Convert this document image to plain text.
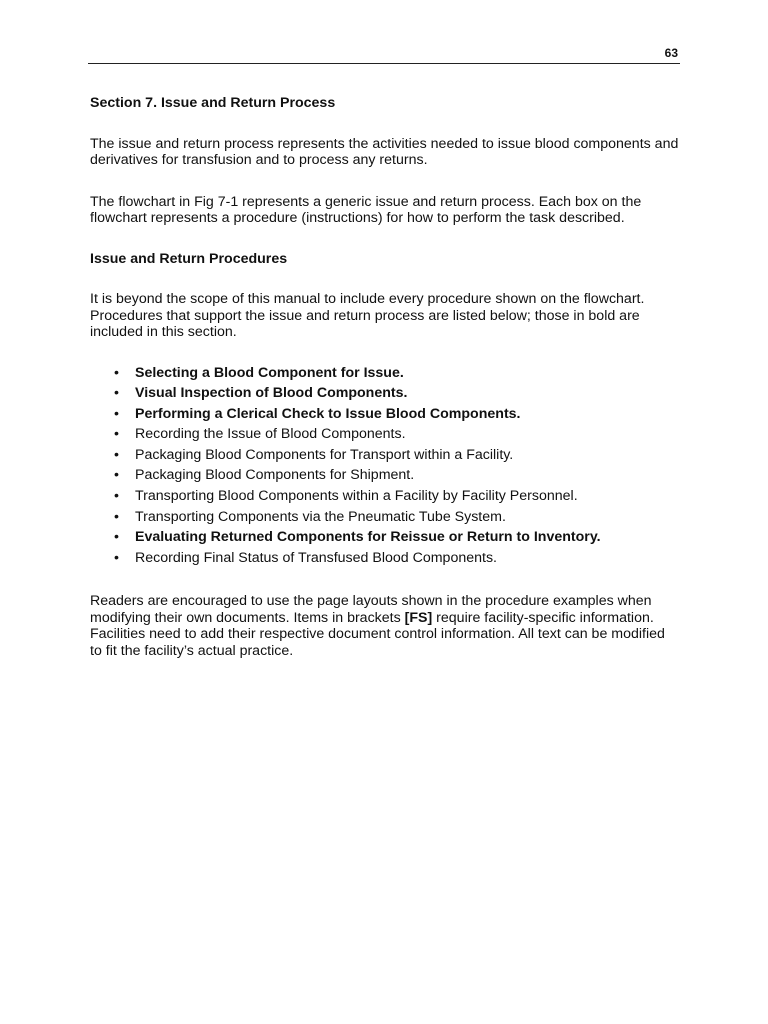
63
Section 7. Issue and Return Process

The issue and return process represents the activities needed to issue blood components and derivatives for transfusion and to process any returns.

The flowchart in Fig 7-1 represents a generic issue and return process. Each box on the flowchart represents a procedure (instructions) for how to perform the task described.

Issue and Return Procedures

It is beyond the scope of this manual to include every procedure shown on the flowchart. Procedures that support the issue and return process are listed below; those in bold are included in this section.

• Selecting a Blood Component for Issue.
• Visual Inspection of Blood Components.
• Performing a Clerical Check to Issue Blood Components.
• Recording the Issue of Blood Components.
• Packaging Blood Components for Transport within a Facility.
• Packaging Blood Components for Shipment.
• Transporting Blood Components within a Facility by Facility Personnel.
• Transporting Components via the Pneumatic Tube System.
• Evaluating Returned Components for Reissue or Return to Inventory.
• Recording Final Status of Transfused Blood Components.

Readers are encouraged to use the page layouts shown in the procedure examples when modifying their own documents. Items in brackets [FS] require facility-specific information. Facilities need to add their respective document control information. All text can be modified to fit the facility’s actual practice.
